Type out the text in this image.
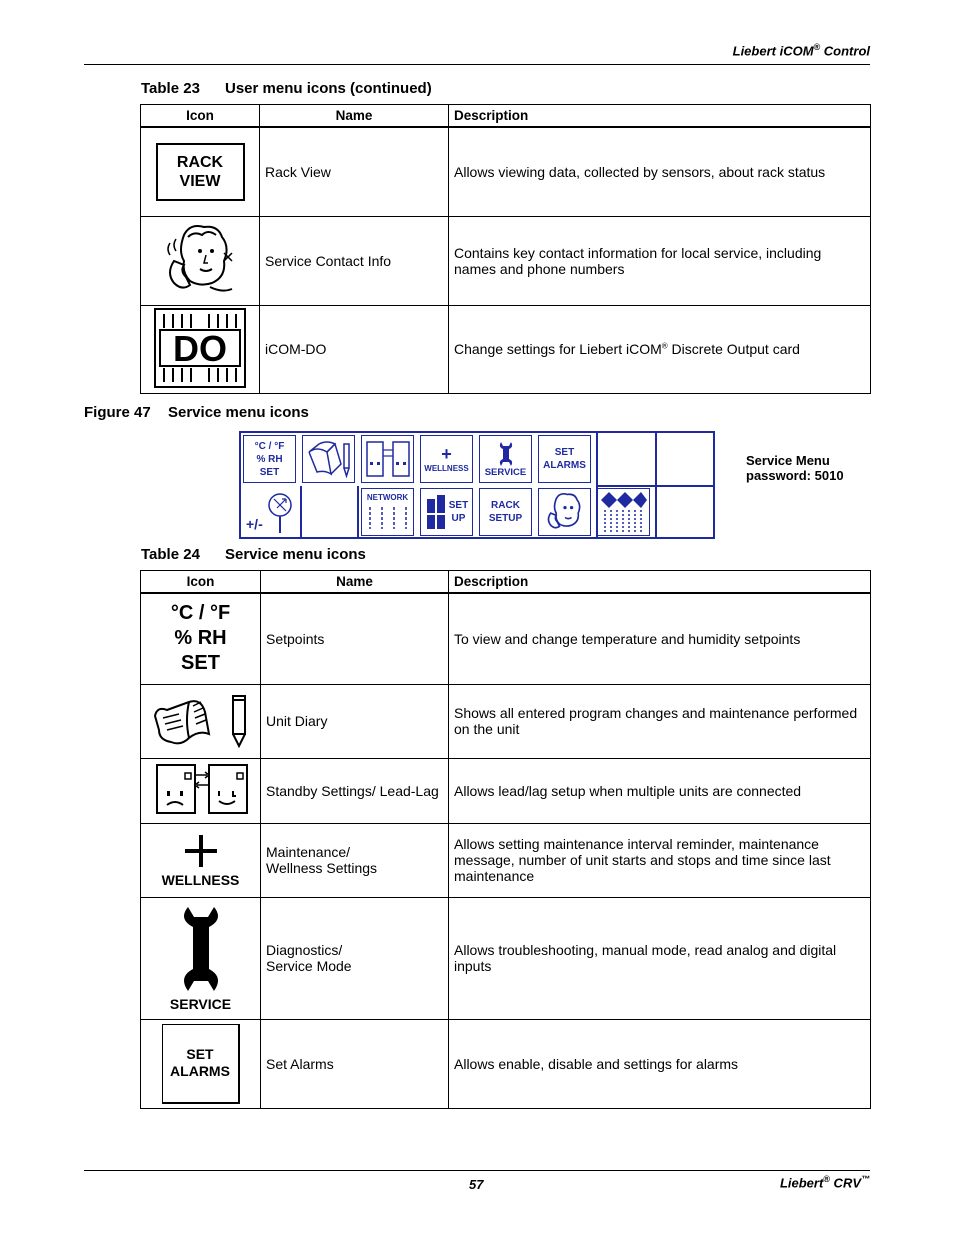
Liebert iCOM® Control
Table 23 User menu icons (continued)
Icon	Name	Description

RACK
VIEW	Rack View	Allows viewing data, collected by sensors, about rack status
	Service Contact Info	Contains key contact information for local service, including names and phone numbers

DO	iCOM-DO	Change settings for Liebert iCOM® Discrete Output card
Figure 47 Service menu icons
°C / °F
% RH
SET
+
WELLNESS SERVICE
SET
ALARMS
+/-
NETWORK
SET
UP
RACK
SETUP
Service Menu
password: 5010
Table 24 Service menu icons
Icon	Name	Description

°C / °F
% RH
SET	Setpoints	To view and change temperature and humidity setpoints
	Unit Diary	Shows all entered program changes and maintenance performed on the unit
	Standby Settings/ Lead-Lag	Allows lead/lag setup when multiple units are connected

WELLNESS	Maintenance/
Wellness Settings	Allows setting maintenance interval reminder, maintenance message, number of unit starts and stops and time since last maintenance

SERVICE	Diagnostics/
Service Mode	Allows troubleshooting, manual mode, read analog and digital inputs

SET
ALARMS	Set Alarms	Allows enable, disable and settings for alarms
57	Liebert® CRV™
